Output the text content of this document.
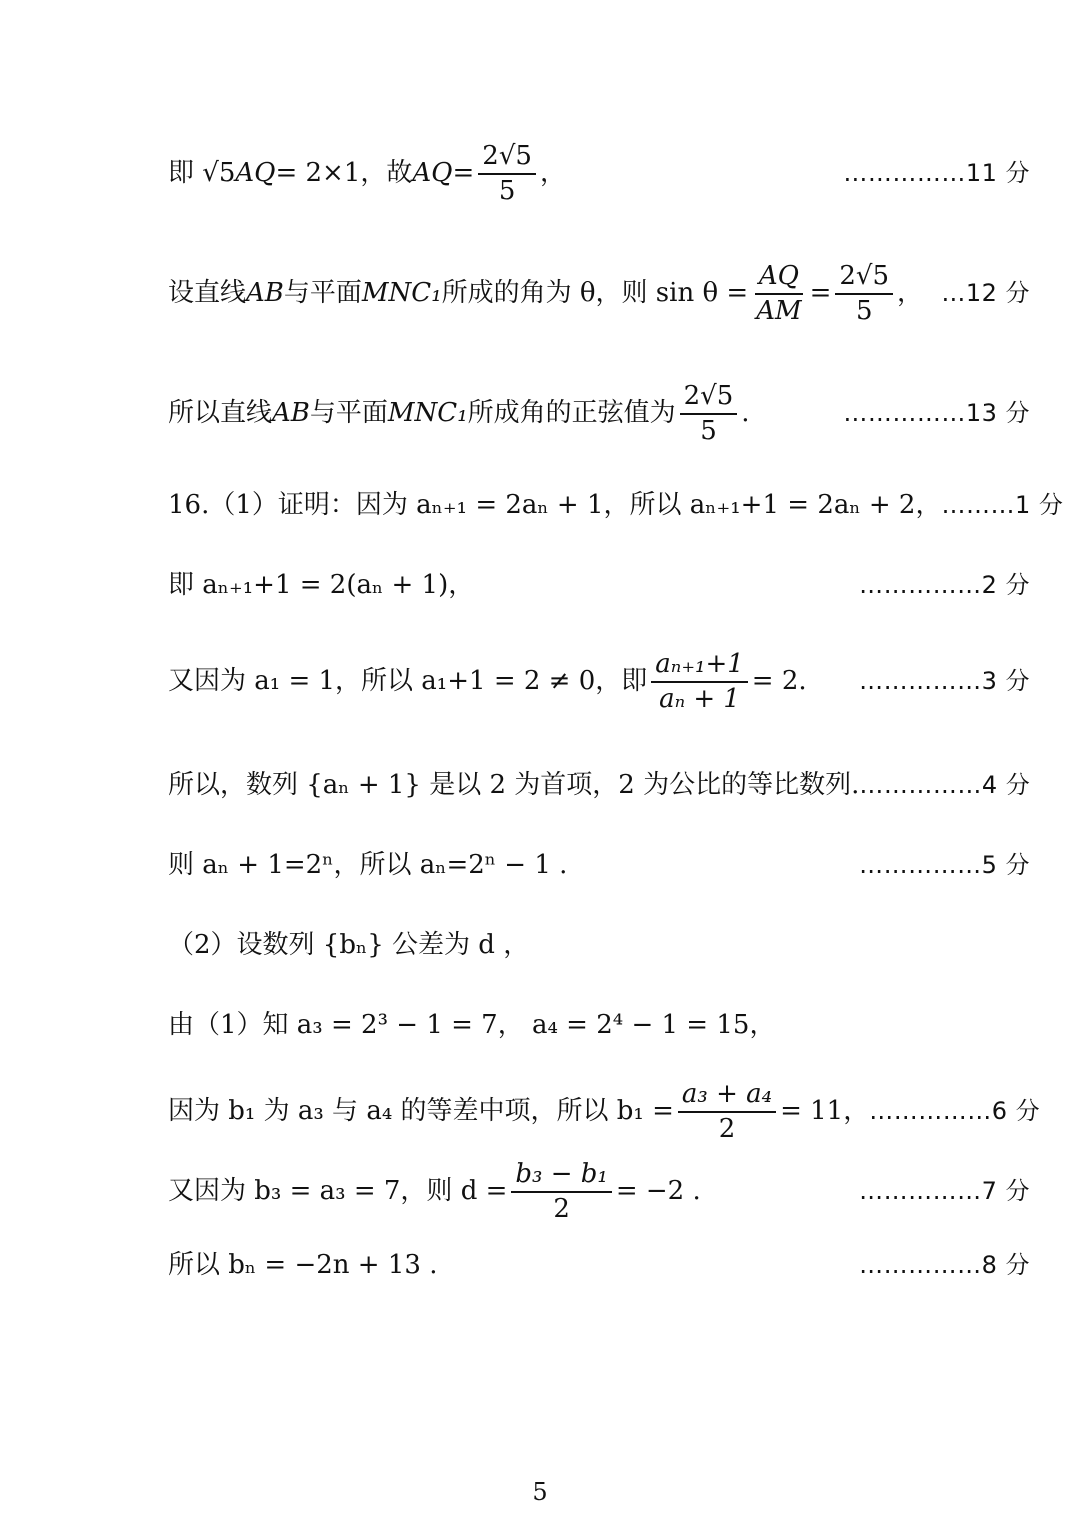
即 √5 AQ = 2×1，故 AQ = $\frac{2√5}{5}$ ，	……………11 分
设直线 AB 与平面 MNC₁ 所成的角为 θ，则 $\sin \theta = \frac{AQ}{AM} = \frac{2√5}{5}$ ， …12 分
所以直线 AB 与平面 MNC₁ 所成角的正弦值为 $\frac{2√5}{5}$ .	……………13 分
16.（1）证明：因为 aₙ₊₁ = 2aₙ + 1，所以 aₙ₊₁+1 = 2aₙ + 2， ………1 分
即 aₙ₊₁+1 = 2(aₙ + 1)，	……………2 分
又因为 a₁ = 1，所以 a₁+1 = 2 ≠ 0，即 $\frac{\text{aₙ₊₁+1}}{\text{aₙ + 1}} = 2$. ……………3 分
所以，数列 {aₙ + 1} 是以 2 为首项，2 为公比的等比数列. ……………4 分
则 aₙ + 1=2ⁿ，所以 aₙ=2ⁿ − 1 .	……………5 分
（2）设数列 {bₙ} 公差为 d ，
由（1）知 a₃ = 2³ − 1 = 7， a₄ = 2⁴ − 1 = 15，
因为 b₁ 为 a₃ 与 a₄ 的等差中项，所以 $b_1 = \frac{\text{a₃ + a₄}}{2} = 11$， ……………6 分
又因为 b₃ = a₃ = 7，则 $d = \frac{\text{b₃ − b₁}}{2} = -2$ .	……………7 分
所以 bₙ = −2n + 13 .	……………8 分
5
